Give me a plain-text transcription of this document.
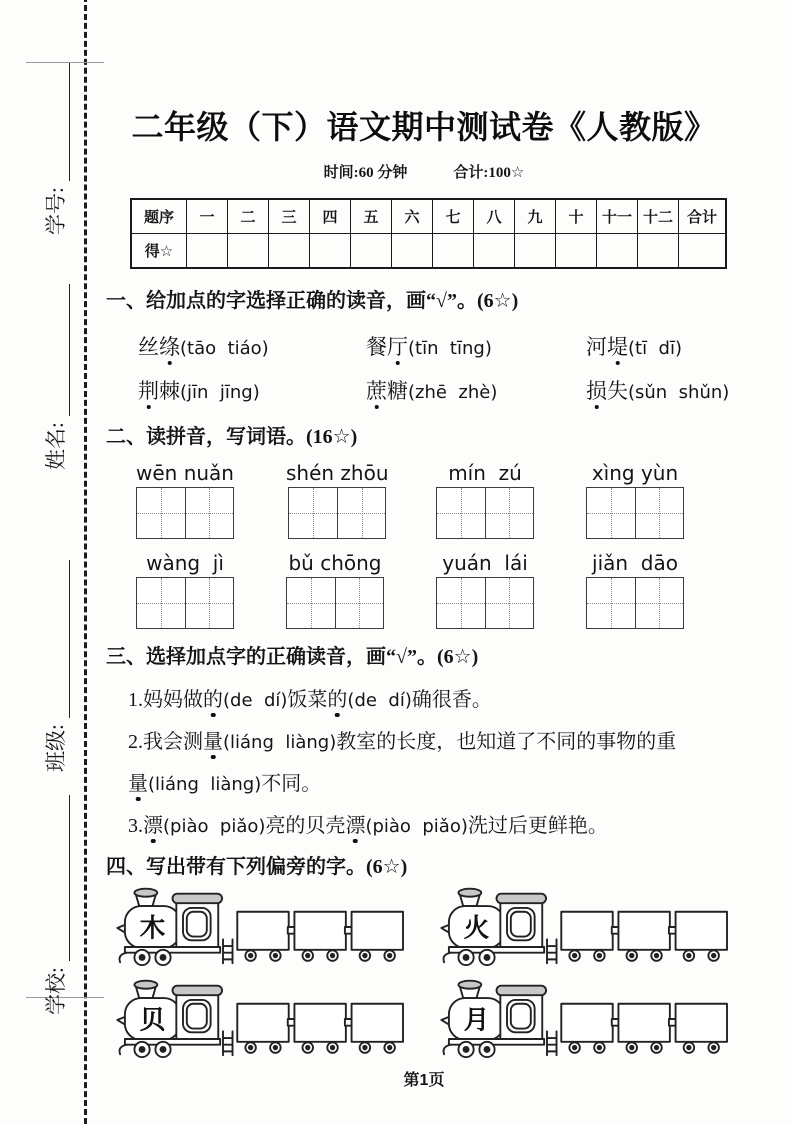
学号:
姓名:
班级:
学校:
二年级（下）语文期中测试卷《人教版》
时间:60 分钟	合计:100☆
题序	一	二	三	四	五	六	七	八	九	十	十一	十二	合计
得☆													
一、给加点的字选择正确的读音，画“√”。(6☆)
丝绦(tāo  tiáo)	餐厅(tīn  tīng)	河堤(tī  dī)
荆棘(jīn  jīng)	蔗糖(zhē  zhè)	损失(sǔn  shǔn)
二、读拼音，写词语。(16☆)
wēn nuǎn	shén zhōu	mín  zú	xìng yùn
wàng  jì	bǔ chōng	yuán  lái	jiǎn  dāo
三、选择加点字的正确读音，画“√”。(6☆)

1.妈妈做的(de  dí)饭菜的(de  dí)确很香。

2.我会测量(liáng  liàng)教室的长度，也知道了不同的事物的重
量(liáng  liàng)不同。

3.漂(piào  piǎo)亮的贝壳漂(piào  piǎo)洗过后更鲜艳。

四、写出带有下列偏旁的字。(6☆)
木	火
贝	月
第1页
